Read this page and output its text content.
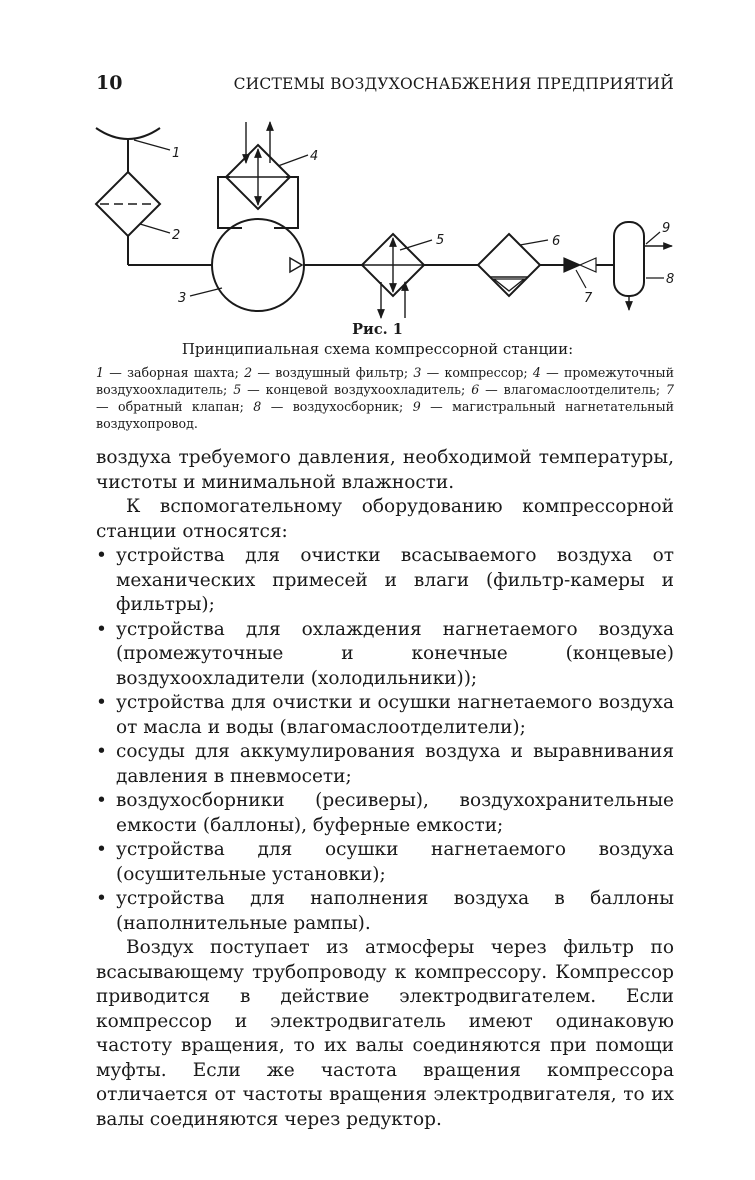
10	СИСТЕМЫ ВОЗДУХОСНАБЖЕНИЯ ПРЕДПРИЯТИЙ
1
2
3
4
5	6
7
8
9
Рис. 1
Принципиальная схема компрессорной станции:
1 — заборная шахта; 2 — воздушный фильтр; 3 — компрессор; 4 — промежуточный воздухоохладитель; 5 — концевой воздухоохладитель; 6 — влагомаслоотделитель; 7 — обратный клапан; 8 — воздухосборник; 9 — магистральный нагнетательный воздухопровод.

воздуха требуемого давления, необходимой температуры, чистоты и минимальной влажности.

К вспомогательному оборудованию компрессорной станции относятся:

• устройства для очистки всасываемого воздуха от механических примесей и влаги (фильтр-камеры и фильтры);
• устройства для охлаждения нагнетаемого воздуха (промежуточные и конечные (концевые) воздухоохладители (холодильники));
• устройства для очистки и осушки нагнетаемого воздуха от масла и воды (влагомаслоотделители);
• сосуды для аккумулирования воздуха и выравнивания давления в пневмосети;
• воздухосборники (ресиверы), воздухохранительные емкости (баллоны), буферные емкости;
• устройства для осушки нагнетаемого воздуха (осушительные установки);
• устройства для наполнения воздуха в баллоны (наполнительные рампы).

Воздух поступает из атмосферы через фильтр по всасывающему трубопроводу к компрессору. Компрессор приводится в действие электродвигателем. Если компрессор и электродвигатель имеют одинаковую частоту вращения, то их валы соединяются при помощи муфты. Если же частота вращения компрессора отличается от частоты вращения электродвигателя, то их валы соединяются через редуктор.
